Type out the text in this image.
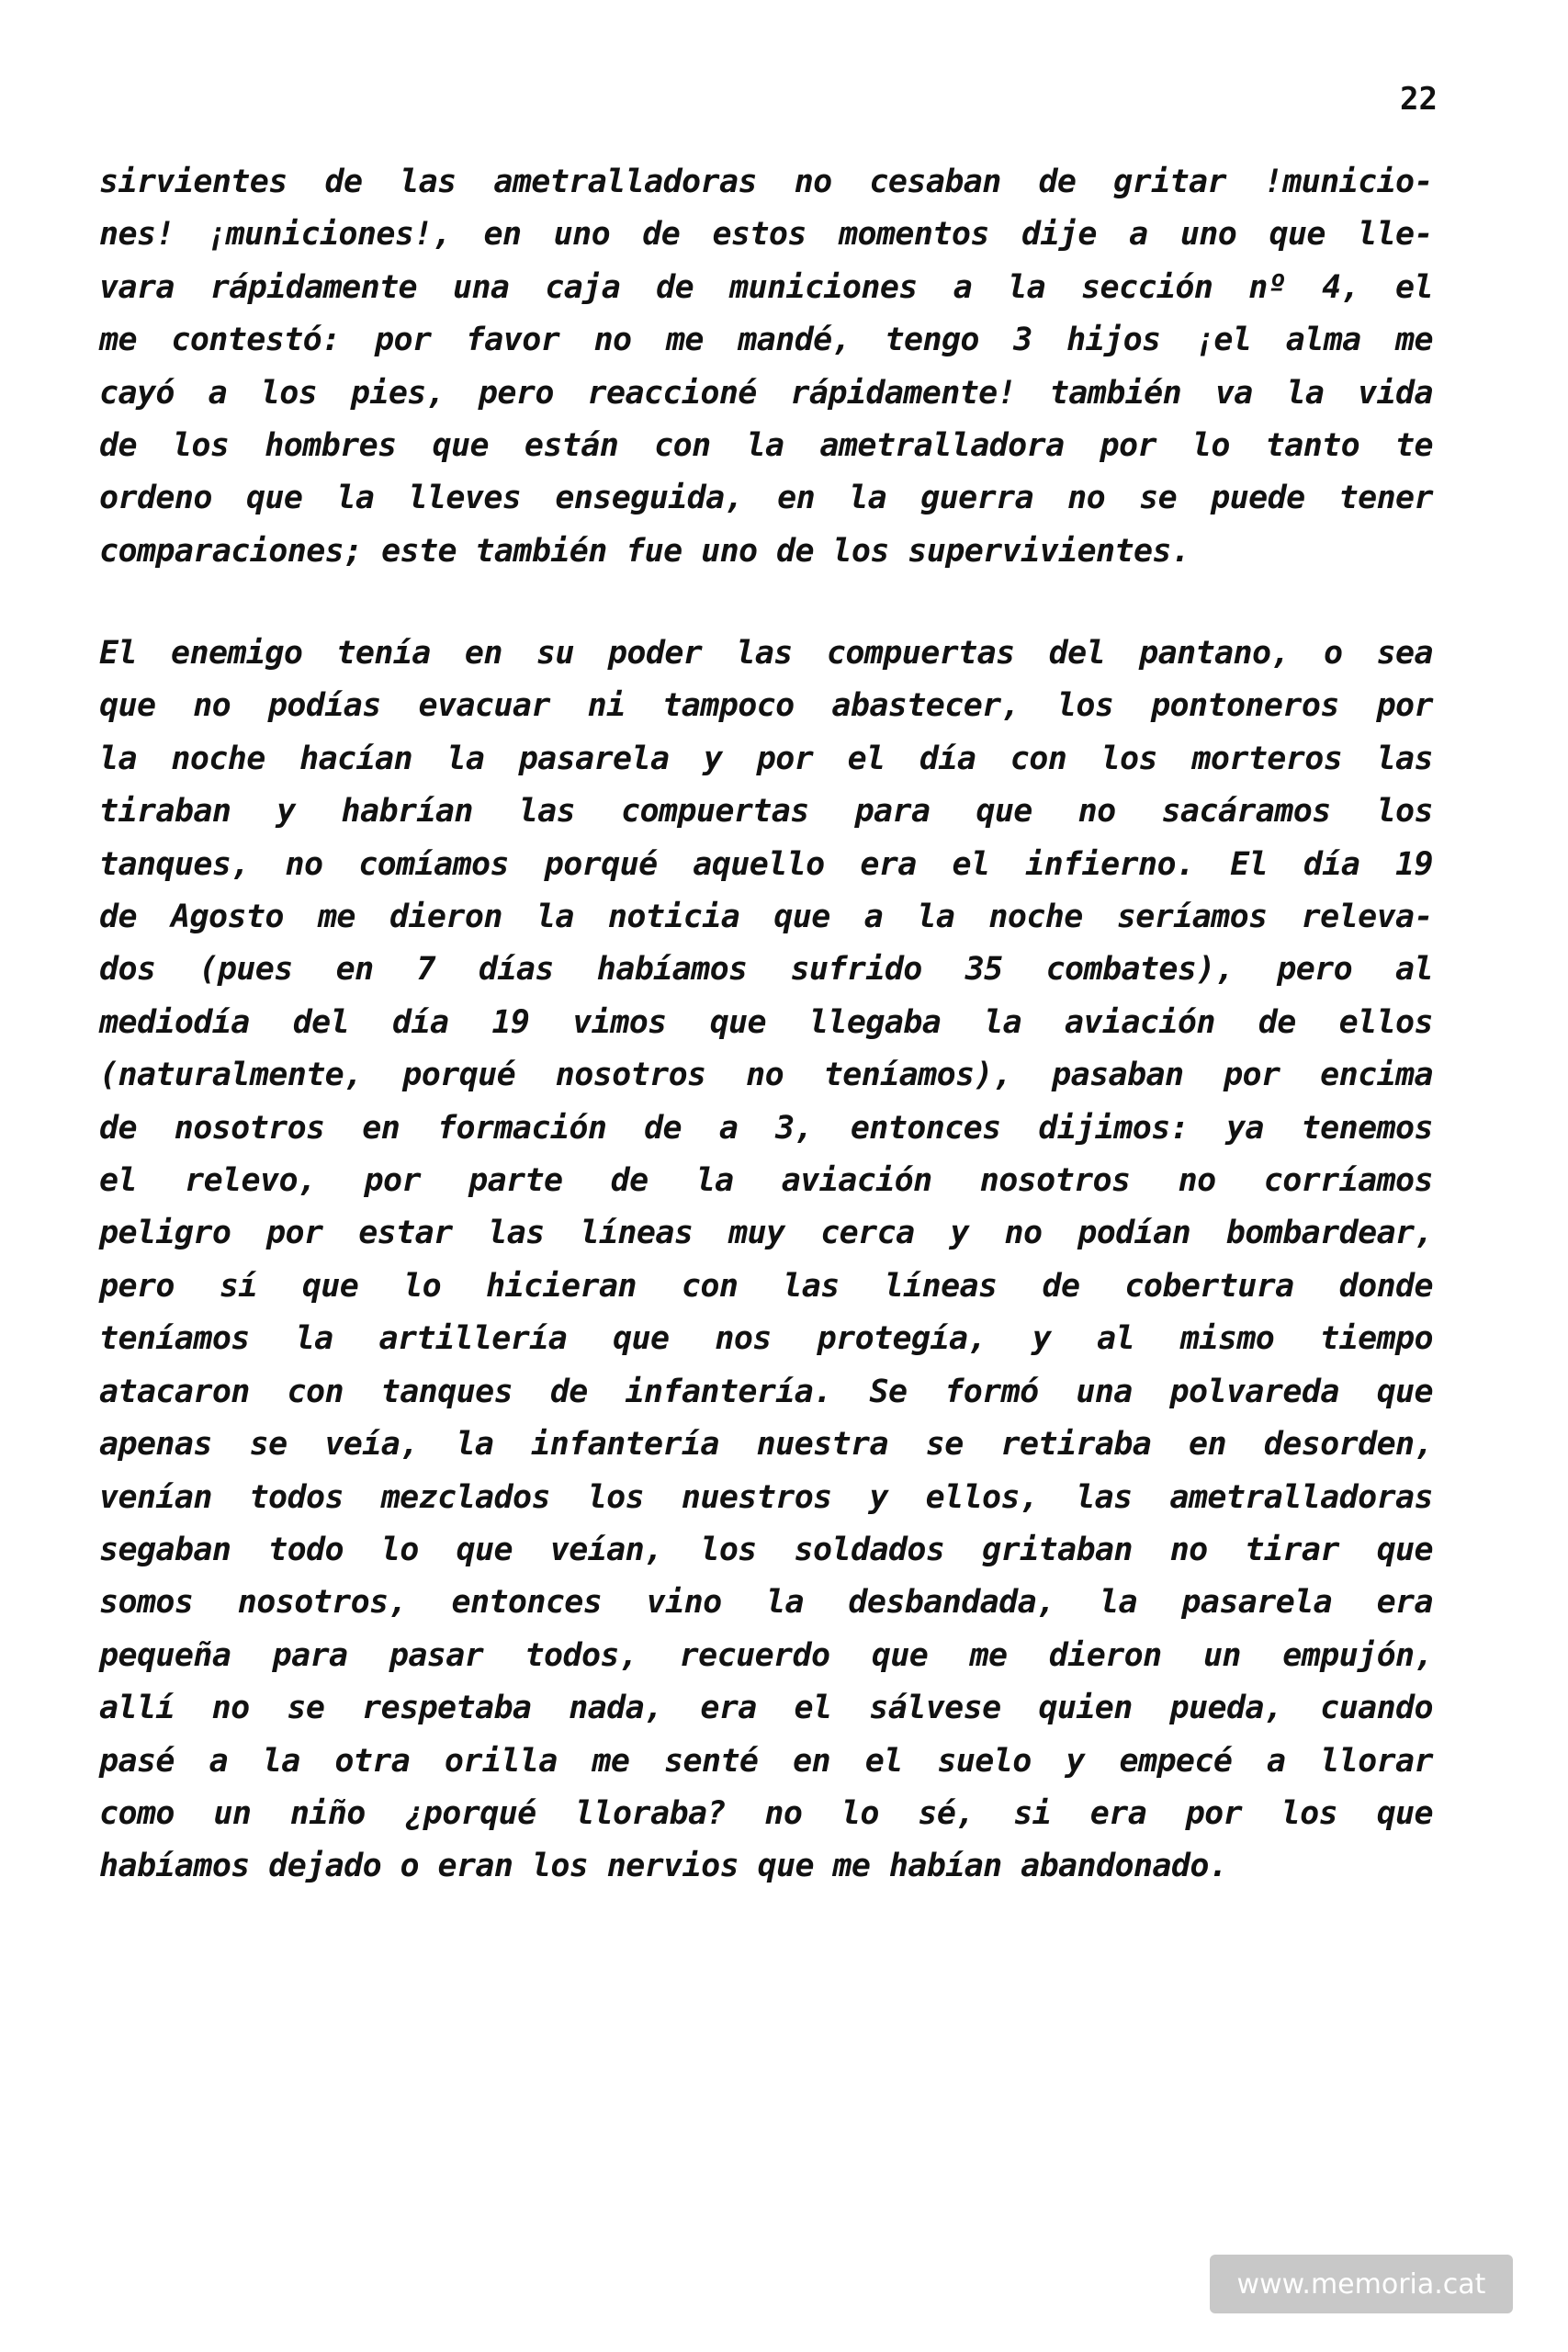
22
sirvientes de las ametralladoras no cesaban de gritar !municio-
nes! ¡municiones!, en uno de estos momentos dije a uno que lle-
vara rápidamente una caja de municiones a la sección nº 4, el
me contestó: por favor no me mandé, tengo 3 hijos ¡el alma me
cayó a los pies, pero reaccioné rápidamente! también va la vida
de los hombres que están con la ametralladora por lo tanto te
ordeno que la lleves enseguida, en la guerra no se puede tener
comparaciones; este también fue uno de los supervivientes.
El enemigo tenía en su poder las compuertas del pantano, o sea
que no podías evacuar ni tampoco abastecer, los pontoneros por
la noche hacían la pasarela y por el día con los morteros las
tiraban y habrían las compuertas para que no sacáramos los
tanques, no comíamos porqué aquello era el infierno. El día 19
de Agosto me dieron la noticia que a la noche seríamos releva-
dos (pues en 7 días habíamos sufrido 35 combates), pero al
mediodía del día 19 vimos que llegaba la aviación de ellos
(naturalmente, porqué nosotros no teníamos), pasaban por encima
de nosotros en formación de a 3, entonces dijimos: ya tenemos
el relevo, por parte de la aviación nosotros no corríamos
peligro por estar las líneas muy cerca y no podían bombardear,
pero sí que lo hicieran con las líneas de cobertura donde
teníamos la artillería que nos protegía, y al mismo tiempo
atacaron con tanques de infantería. Se formó una polvareda que
apenas se veía, la infantería nuestra se retiraba en desorden,
venían todos mezclados los nuestros y ellos, las ametralladoras
segaban todo lo que veían, los soldados gritaban no tirar que
somos nosotros, entonces vino la desbandada, la pasarela era
pequeña para pasar todos, recuerdo que me dieron un empujón,
allí no se respetaba nada, era el sálvese quien pueda, cuando
pasé a la otra orilla me senté en el suelo y empecé a llorar
como un niño ¿porqué lloraba? no lo sé, si era por los que
habíamos dejado o eran los nervios que me habían abandonado.
www.memoria.cat
